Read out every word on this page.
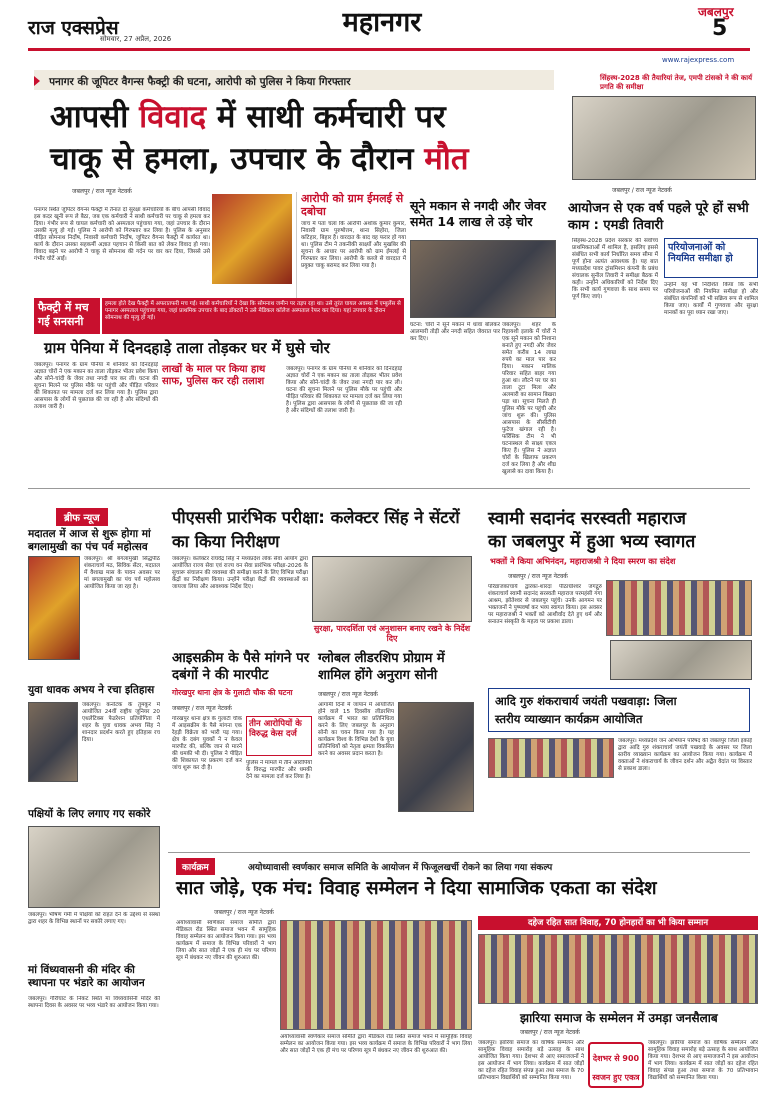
राज एक्सप्रेस
सोमवार, 27 अप्रैल, 2026
महानगर	जबलपुर
5
पनागर की जूपिटर वैगन्स फैक्ट्री की घटना, आरोपी को पुलिस ने किया गिरफ्तार
आपसी विवाद में साथी कर्मचारी पर
चाकू से हमला, उपचार के दौरान मौत
जबलपुर / राज न्यूज नेटवर्क
पनागर स्थित जूपिटर वैगन्स फैक्ट्री में तैनात दो सुरक्षा कर्मचारियों के बीच आपसी विवाद इस कदर खूनी रूप ले बैठा, जब एक कर्मचारी ने साथी कर्मचारी पर चाकू से हमला कर दिया। गंभीर रूप से घायल कर्मचारी को अस्पताल पहुंचाया गया, जहां उपचार के दौरान उसकी मृत्यु हो गई। पुलिस ने आरोपी को गिरफ्तार कर लिया है। पुलिस के अनुसार पीड़ित सोमनाथ निर्दोष, निवासी कर्मचारी निर्दोष, जूपिटर वैगन्स फैक्ट्री में कार्यरत था। कार्य के दौरान उसका सहकर्मी अज्ञात पहचान से किसी बात को लेकर विवाद हो गया। विवाद बढ़ने पर आरोपी ने चाकू से सोमनाथ की गर्दन पर वार कर दिया, जिससे उसे गंभीर चोटें आईं।
आरोपी को ग्राम ईमलई से दबोचा
जांच में पता चला कि आरोपी अशोक कुमार कुमार, निवासी ग्राम पुरुषोत्तम, थाना सिहोरा, जिला कटिहार, बिहार है। वारदात के बाद वह फरार हो गया था। पुलिस टीम ने तकनीकी साक्ष्यों और मुखबिर की सूचना के आधार पर आरोपी को ग्राम ईमलई से गिरफ्तार कर लिया। आरोपी के कब्जे से वारदात में प्रयुक्त चाकू बरामद कर लिया गया है।
फैक्ट्री में मच गई सनसनी
हमला होते देख फैक्ट्री में अफरातफरी मच गई। साथी कर्मचारियों ने देखा कि सोमनाथ जमीन पर तड़प रहा था। उसे तुरंत घायल अवस्था में एम्बुलेंस से पनागर अस्पताल पहुंचाया गया, जहां प्राथमिक उपचार के बाद डॉक्टरों ने उसे मेडिकल कॉलेज अस्पताल रेफर कर दिया। यहां उपचार के दौरान सोमनाथ की मृत्यु हो गई।
सूने मकान से नगदी और जेवर समेत 14 लाख ले उड़े चोर
घटना: चोरों ने सूने मकान में धावा बोलकर आलमारी तोड़ी और नगदी सहित जेवरात पार कर दिए।
जबलपुर। शहर के रिहायशी इलाके में चोरों ने एक सूने मकान को निशाना बनाते हुए नगदी और जेवर समेत करीब 14 लाख रुपये का माल पार कर दिया। मकान मालिक परिवार सहित बाहर गया हुआ था। लौटने पर घर का ताला टूटा मिला और अलमारी का सामान बिखरा पड़ा था। सूचना मिलते ही पुलिस मौके पर पहुंची और जांच शुरू की। पुलिस आसपास के सीसीटीवी फुटेज खंगाल रही है। फॉरेंसिक टीम ने भी घटनास्थल से साक्ष्य एकत्र किए हैं। पुलिस ने अज्ञात चोरों के खिलाफ प्रकरण दर्ज कर लिया है और शीघ्र खुलासे का दावा किया है।
ग्राम पेनिया में दिनदहाड़े ताला तोड़कर घर में घुसे चोर
लाखों के माल पर किया हाथ साफ, पुलिस कर रही तलाश
जबलपुर। पनागर के ग्राम पेनिया में शनिवार को दिनदहाड़े अज्ञात चोरों ने एक मकान का ताला तोड़कर भीतर प्रवेश किया और सोने-चांदी के जेवर तथा नगदी पार कर ली। घटना की सूचना मिलने पर पुलिस मौके पर पहुंची और पीड़ित परिवार की शिकायत पर मामला दर्ज कर लिया गया है। पुलिस द्वारा आसपास के लोगों से पूछताछ की जा रही है और संदिग्धों की तलाश जारी है।
जबलपुर। पनागर के ग्राम पेनिया में शनिवार को दिनदहाड़े अज्ञात चोरों ने एक मकान का ताला तोड़कर भीतर प्रवेश किया और सोने-चांदी के जेवर तथा नगदी पार कर ली। घटना की सूचना मिलने पर पुलिस मौके पर पहुंची और पीड़ित परिवार की शिकायत पर मामला दर्ज कर लिया गया है। पुलिस द्वारा आसपास के लोगों से पूछताछ की जा रही है और संदिग्धों की तलाश जारी है।
www.rajexpress.com
सिंहस्थ-2028 की तैयारियां तेज, एमपी टांसको ने की कार्य प्रगति की समीक्षा
जबलपुर / राज न्यूज नेटवर्क
आयोजन से एक वर्ष पहले पूरे हों सभी काम : एमडी तिवारी
सिंहस्थ-2028 प्रदेश सरकार की सर्वोच्च प्राथमिकताओं में शामिल है, इसलिए इससे संबंधित सभी कार्य निर्धारित समय सीमा में पूर्ण होना अत्यंत आवश्यक है। यह बात मध्यप्रदेश पावर ट्रांसमिशन कंपनी के प्रबंध संचालक सुनील तिवारी ने समीक्षा बैठक में कही। उन्होंने अधिकारियों को निर्देश दिए कि सभी कार्य गुणवत्ता के साथ समय पर पूर्ण किए जाएं।
परियोजनाओं को नियमित समीक्षा हो
उन्होंने यह भी निर्देशित किया कि सभी परियोजनाओं की नियमित समीक्षा हो और संबंधित कंपनियों को भी सक्रिय रूप से शामिल किया जाए। कार्यों में गुणवत्ता और सुरक्षा मानकों का पूरा ध्यान रखा जाए।
ब्रीफ न्यूज
मदातल में आज से शुरू होगा मां बगलामुखी का पंच पर्व महोत्सव
जबलपुर। श्री बगलामुखी सिद्धपीठ शंकराचार्य मठ, सिविक सेंटर, मदातल में वैशाख मास के पावन अवसर पर मां बगलामुखी का पंच पर्व महोत्सव आयोजित किया जा रहा है।
युवा धावक अभय ने रचा इतिहास
जबलपुर। कर्नाटक के तुमकुर में आयोजित 24वीं राष्ट्रीय जूनियर 20 एथलेटिक्स फेडरेशन प्रतियोगिता में शहर के युवा धावक अभय सिंह ने शानदार प्रदर्शन करते हुए इतिहास रच दिया।
पक्षियों के लिए लगाए गए सकोरे
जबलपुर। भीषण गर्मी में पक्षियों को राहत देने के उद्देश्य से संस्था द्वारा शहर के विभिन्न स्थानों पर सकोरे लगाए गए।
मां विंध्यवासनी की मंदिर की स्थापना पर भंडारे का आयोजन
जबलपुर। गौरीघाट के निकट स्थित मां विंध्यवासिनी मंदिर की स्थापना दिवस के अवसर पर भव्य भंडारे का आयोजन किया गया।
पीएससी प्रारंभिक परीक्षा: कलेक्टर सिंह ने सेंटरों का किया निरीक्षण
जबलपुर। कलेक्टर राघवेंद्र सिंह ने मध्यप्रदेश लोक सेवा आयोग द्वारा आयोजित राज्य सेवा एवं राज्य वन सेवा प्रारंभिक परीक्षा-2026 के सुचारू संचालन की व्यवस्था की समीक्षा करने के लिए विभिन्न परीक्षा केंद्रों का निरीक्षण किया। उन्होंने परीक्षा केंद्रों की व्यवस्थाओं का जायजा लिया और आवश्यक निर्देश दिए।
सुरक्षा, पारदर्शिता एवं अनुशासन बनाए रखने के निर्देश दिए
आइसक्रीम के पैसे मांगने पर दबंगों ने की मारपीट
गोरखपुर थाना क्षेत्र के गुलाटी चौक की घटना
जबलपुर / राज न्यूज नेटवर्क
गोरखपुर थाना क्षेत्र के गुलाटी चौक में आइसक्रीम के पैसे मांगना एक रेहड़ी विक्रेता को भारी पड़ गया। क्षेत्र के दबंग युवकों ने न केवल मारपीट की, बल्कि जान से मारने की धमकी भी दी। पुलिस ने पीड़ित की शिकायत पर प्रकरण दर्ज कर जांच शुरू कर दी है।
तीन आरोपियों के विरुद्ध केस दर्ज
पुलिस ने मामले में तीन आरोपियों के विरुद्ध मारपीट और धमकी देने का मामला दर्ज कर लिया है।
ग्लोबल लीडरशिप प्रोग्राम में शामिल होंगे अनुराग सोनी
जबलपुर / राज न्यूज नेटवर्क
आगामी दिनों में जापान में आयोजित होने वाले 15 दिवसीय लीडरशिप कार्यक्रम में भारत का प्रतिनिधित्व करने के लिए जबलपुर के अनुराग सोनी का चयन किया गया है। यह कार्यक्रम विश्व के विभिन्न देशों के युवा प्रतिनिधियों को नेतृत्व क्षमता विकसित करने का अवसर प्रदान करता है।
स्वामी सदानंद सरस्वती महाराज
का जबलपुर में हुआ भव्य स्वागत
भक्तों ने किया अभिनंदन, महाराजश्री ने दिया स्मरण का संदेश
जबलपुर / राज न्यूज नेटवर्क
परिव्राजकाचार्य द्वारका-शारदा पीठाधीश्वर जगद्गुरु शंकराचार्य स्वामी सदानंद सरस्वती महाराज परमहंसी गंगा आश्रम, झोतेश्वर से जबलपुर पहुंचे। उनके आगमन पर भक्तजनों ने पुष्पवर्षा कर भव्य स्वागत किया। इस अवसर पर महाराजश्री ने भक्तों को आशीर्वाद देते हुए धर्म और सनातन संस्कृति के महत्व पर प्रकाश डाला।
आदि गुरु शंकराचार्य जयंती पखवाड़ा: जिला
स्तरीय व्याख्यान कार्यक्रम आयोजित
जबलपुर। मध्यप्रदेश जन अभियान परिषद की जबलपुर जिला इकाई द्वारा आदि गुरु शंकराचार्य जयंती पखवाड़े के अवसर पर जिला स्तरीय व्याख्यान कार्यक्रम का आयोजन किया गया। कार्यक्रम में वक्ताओं ने शंकराचार्य के जीवन दर्शन और अद्वैत वेदांत पर विस्तार से प्रकाश डाला।
कार्यक्रम	अयोध्यावासी स्वर्णकार समाज समिति के आयोजन में फिजूलखर्ची रोकने का लिया गया संकल्प
सात जोड़े, एक मंच: विवाह सम्मेलन ने दिया सामाजिक एकता का संदेश
जबलपुर / राज न्यूज नेटवर्क
अयोध्यावासी स्वर्णकार समाज समिति द्वारा मेडिकल रोड स्थित समाज भवन में सामूहिक विवाह सम्मेलन का आयोजन किया गया। इस भव्य कार्यक्रम में समाज के विभिन्न परिवारों ने भाग लिया और सात जोड़ों ने एक ही मंच पर परिणय सूत्र में बंधकर नए जीवन की शुरुआत की।
अयोध्यावासी स्वर्णकार समाज समिति द्वारा मेडिकल रोड स्थित समाज भवन में सामूहिक विवाह सम्मेलन का आयोजन किया गया। इस भव्य कार्यक्रम में समाज के विभिन्न परिवारों ने भाग लिया और सात जोड़ों ने एक ही मंच पर परिणय सूत्र में बंधकर नए जीवन की शुरुआत की।
दहेज रहित सात विवाह, 70 होनहारों का भी किया सम्मान
झारिया समाज के सम्मेलन में उमड़ा जनसैलाब
जबलपुर / राज न्यूज नेटवर्क
जबलपुर। झारिया समाज का वार्षिक सम्मेलन और सामूहिक विवाह समारोह बड़े उत्साह के साथ आयोजित किया गया। देशभर से आए समाजजनों ने इस आयोजन में भाग लिया। कार्यक्रम में सात जोड़ों का दहेज रहित विवाह संपन्न हुआ तथा समाज के 70 प्रतिभावान विद्यार्थियों को सम्मानित किया गया।
देशभर से 900 स्वजन हुए एकत्र
जबलपुर। झारिया समाज का वार्षिक सम्मेलन और सामूहिक विवाह समारोह बड़े उत्साह के साथ आयोजित किया गया। देशभर से आए समाजजनों ने इस आयोजन में भाग लिया। कार्यक्रम में सात जोड़ों का दहेज रहित विवाह संपन्न हुआ तथा समाज के 70 प्रतिभावान विद्यार्थियों को सम्मानित किया गया।
